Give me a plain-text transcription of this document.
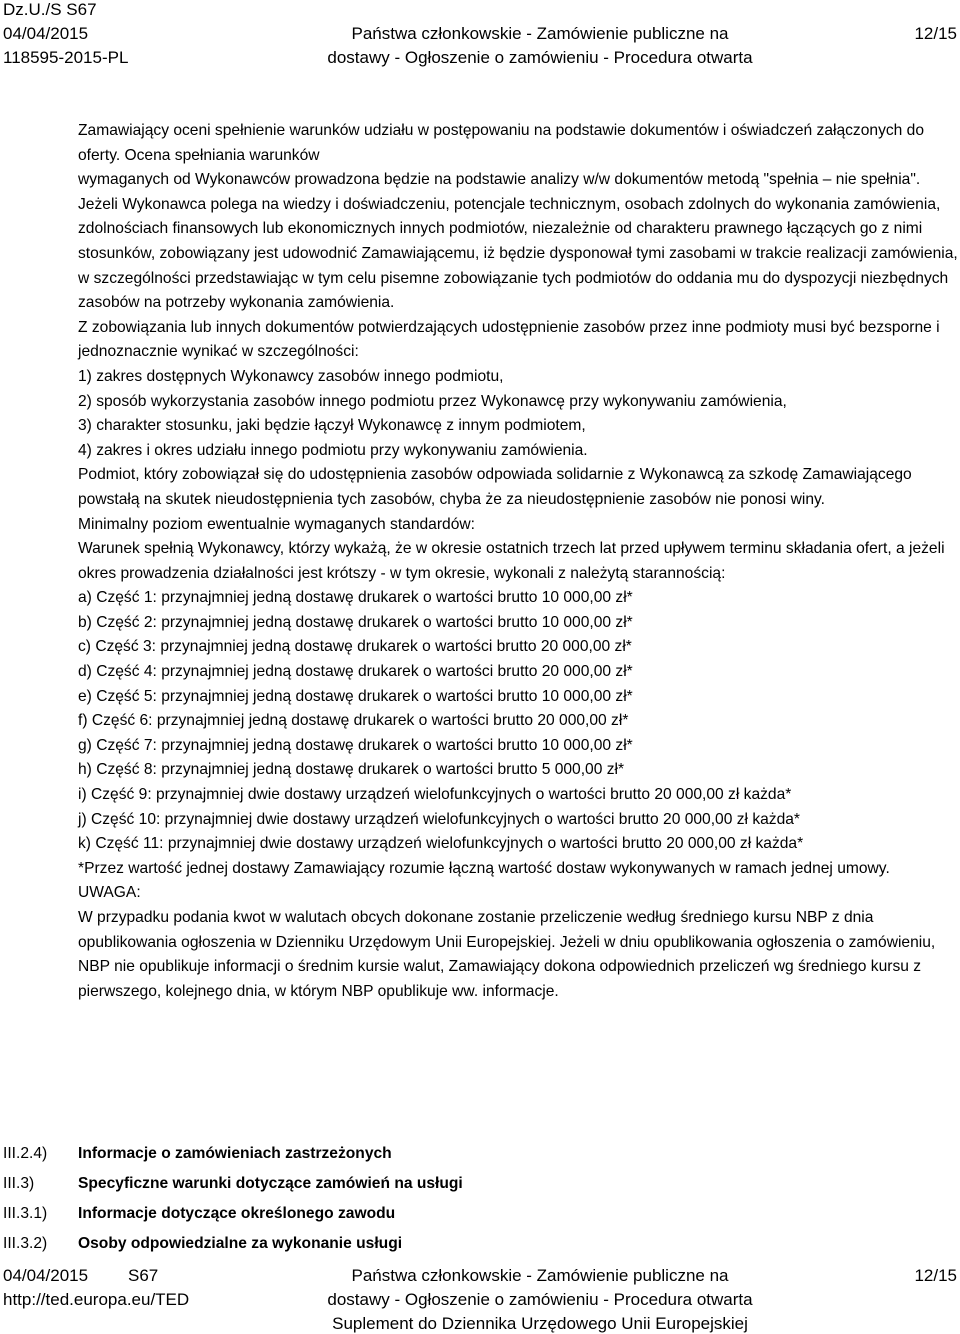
Dz.U./S S67
04/04/2015
118595-2015-PL
Państwa członkowskie - Zamówienie publiczne na
dostawy - Ogłoszenie o zamówieniu - Procedura otwarta
12/15

Zamawiający oceni spełnienie warunków udziału w postępowaniu na podstawie dokumentów i oświadczeń załączonych do oferty. Ocena spełniania warunków

wymaganych od Wykonawców prowadzona będzie na podstawie analizy w/w dokumentów metodą "spełnia – nie spełnia".

Jeżeli Wykonawca polega na wiedzy i doświadczeniu, potencjale technicznym, osobach zdolnych do wykonania zamówienia, zdolnościach finansowych lub ekonomicznych innych podmiotów, niezależnie od charakteru prawnego łączących go z nimi stosunków, zobowiązany jest udowodnić Zamawiającemu, iż będzie dysponował tymi zasobami w trakcie realizacji zamówienia, w szczególności przedstawiając w tym celu pisemne zobowiązanie tych podmiotów do oddania mu do dyspozycji niezbędnych zasobów na potrzeby wykonania zamówienia.

Z zobowiązania lub innych dokumentów potwierdzających udostępnienie zasobów przez inne podmioty musi być bezsporne i jednoznacznie wynikać w szczególności:

1) zakres dostępnych Wykonawcy zasobów innego podmiotu,

2) sposób wykorzystania zasobów innego podmiotu przez Wykonawcę przy wykonywaniu zamówienia,

3) charakter stosunku, jaki będzie łączył Wykonawcę z innym podmiotem,

4) zakres i okres udziału innego podmiotu przy wykonywaniu zamówienia.

Podmiot, który zobowiązał się do udostępnienia zasobów odpowiada solidarnie z Wykonawcą za szkodę Zamawiającego powstałą na skutek nieudostępnienia tych zasobów, chyba że za nieudostępnienie zasobów nie ponosi winy.

Minimalny poziom ewentualnie wymaganych standardów:

Warunek spełnią Wykonawcy, którzy wykażą, że w okresie ostatnich trzech lat przed upływem terminu składania ofert, a jeżeli okres prowadzenia działalności jest krótszy - w tym okresie, wykonali z należytą starannością:

a) Część 1: przynajmniej jedną dostawę drukarek o wartości brutto 10 000,00 zł*

b) Część 2: przynajmniej jedną dostawę drukarek o wartości brutto 10 000,00 zł*

c) Część 3: przynajmniej jedną dostawę drukarek o wartości brutto 20 000,00 zł*

d) Część 4: przynajmniej jedną dostawę drukarek o wartości brutto 20 000,00 zł*

e) Część 5: przynajmniej jedną dostawę drukarek o wartości brutto 10 000,00 zł*

f) Część 6: przynajmniej jedną dostawę drukarek o wartości brutto 20 000,00 zł*

g) Część 7: przynajmniej jedną dostawę drukarek o wartości brutto 10 000,00 zł*

h) Część 8: przynajmniej jedną dostawę drukarek o wartości brutto 5 000,00 zł*

i) Część 9: przynajmniej dwie dostawy urządzeń wielofunkcyjnych o wartości brutto 20 000,00 zł każda*

j) Część 10: przynajmniej dwie dostawy urządzeń wielofunkcyjnych o wartości brutto 20 000,00 zł każda*

k) Część 11: przynajmniej dwie dostawy urządzeń wielofunkcyjnych o wartości brutto 20 000,00 zł każda*

*Przez wartość jednej dostawy Zamawiający rozumie łączną wartość dostaw wykonywanych w ramach jednej umowy.

UWAGA:

W przypadku podania kwot w walutach obcych dokonane zostanie przeliczenie według średniego kursu NBP z dnia opublikowania ogłoszenia w Dzienniku Urzędowym Unii Europejskiej. Jeżeli w dniu opublikowania ogłoszenia o zamówieniu, NBP nie opublikuje informacji o średnim kursie walut, Zamawiający dokona odpowiednich przeliczeń wg średniego kursu z pierwszego, kolejnego dnia, w którym NBP opublikuje ww. informacje.

III.2.4) Informacje o zamówieniach zastrzeżonych
III.3)	Specyficzne warunki dotyczące zamówień na usługi
III.3.1) Informacje dotyczące określonego zawodu
III.3.2) Osoby odpowiedzialne za wykonanie usługi
04/04/2015 S67
http://ted.europa.eu/TED
Państwa członkowskie - Zamówienie publiczne na
dostawy - Ogłoszenie o zamówieniu - Procedura otwarta
Suplement do Dziennika Urzędowego Unii Europejskiej
12/15
